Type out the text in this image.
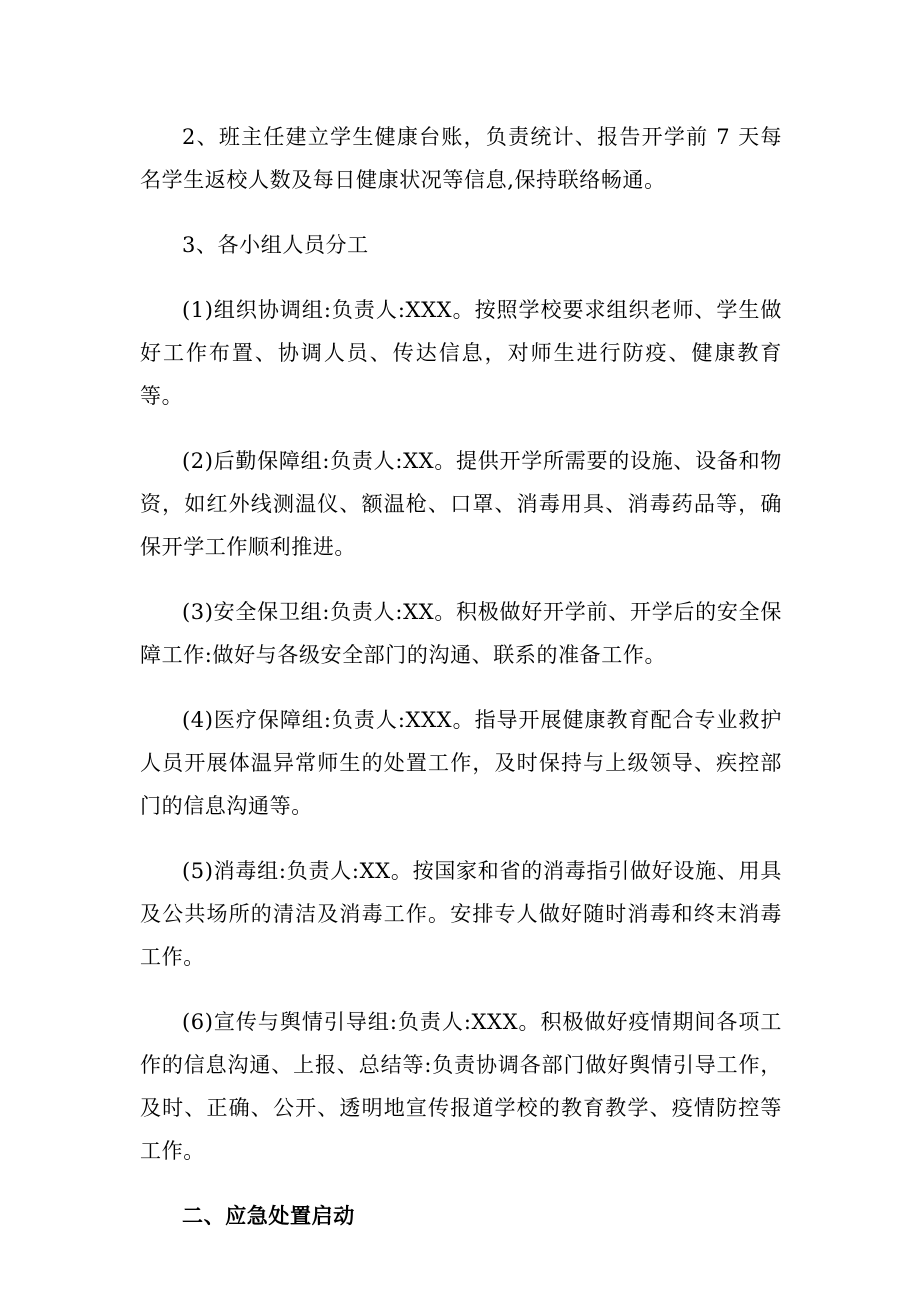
2、班主任建立学生健康台账，负责统计、报告开学前 7 天每名学生返校人数及每日健康状况等信息,保持联络畅通。

3、各小组人员分工

(1)组织协调组:负责人:XXX。按照学校要求组织老师、学生做好工作布置、协调人员、传达信息，对师生进行防疫、健康教育等。

(2)后勤保障组:负责人:XX。提供开学所需要的设施、设备和物资，如红外线测温仪、额温枪、口罩、消毒用具、消毒药品等，确保开学工作顺利推进。

(3)安全保卫组:负责人:XX。积极做好开学前、开学后的安全保障工作:做好与各级安全部门的沟通、联系的准备工作。

(4)医疗保障组:负责人:XXX。指导开展健康教育配合专业救护人员开展体温异常师生的处置工作，及时保持与上级领导、疾控部门的信息沟通等。

(5)消毒组:负责人:XX。按国家和省的消毒指引做好设施、用具及公共场所的清洁及消毒工作。安排专人做好随时消毒和终末消毒工作。

(6)宣传与舆情引导组:负责人:XXX。积极做好疫情期间各项工作的信息沟通、上报、总结等:负责协调各部门做好舆情引导工作，及时、正确、公开、透明地宣传报道学校的教育教学、疫情防控等工作。

二、应急处置启动
